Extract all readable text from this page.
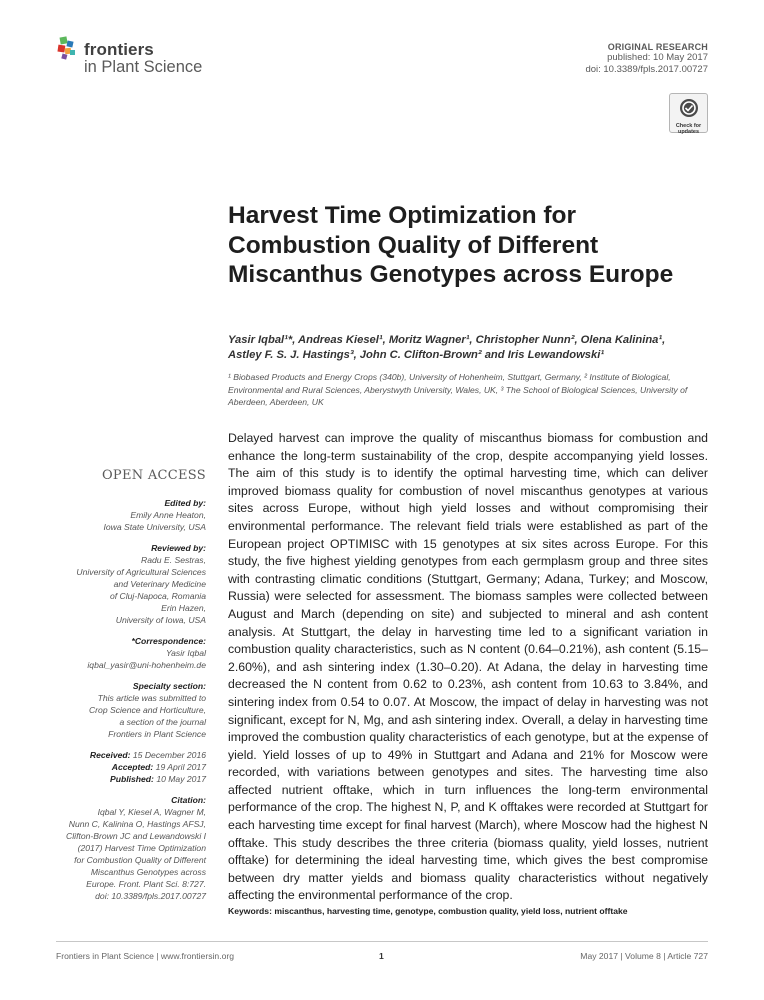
frontiers
in Plant Science
ORIGINAL RESEARCH
published: 10 May 2017
doi: 10.3389/fpls.2017.00727
Check for updates
Harvest Time Optimization for Combustion Quality of Different Miscanthus Genotypes across Europe
Yasir Iqbal¹*, Andreas Kiesel¹, Moritz Wagner¹, Christopher Nunn², Olena Kalinina¹,
Astley F. S. J. Hastings³, John C. Clifton-Brown² and Iris Lewandowski¹
¹ Biobased Products and Energy Crops (340b), University of Hohenheim, Stuttgart, Germany, ² Institute of Biological, Environmental and Rural Sciences, Aberystwyth University, Wales, UK, ³ The School of Biological Sciences, University of Aberdeen, Aberdeen, UK
Delayed harvest can improve the quality of miscanthus biomass for combustion and enhance the long-term sustainability of the crop, despite accompanying yield losses. The aim of this study is to identify the optimal harvesting time, which can deliver improved biomass quality for combustion of novel miscanthus genotypes at various sites across Europe, without high yield losses and without compromising their environmental performance. The relevant field trials were established as part of the European project OPTIMISC with 15 genotypes at six sites across Europe. For this study, the five highest yielding genotypes from each germplasm group and three sites with contrasting climatic conditions (Stuttgart, Germany; Adana, Turkey; and Moscow, Russia) were selected for assessment. The biomass samples were collected between August and March (depending on site) and subjected to mineral and ash content analysis. At Stuttgart, the delay in harvesting time led to a significant variation in combustion quality characteristics, such as N content (0.64–0.21%), ash content (5.15–2.60%), and ash sintering index (1.30–0.20). At Adana, the delay in harvesting time decreased the N content from 0.62 to 0.23%, ash content from 10.63 to 3.84%, and sintering index from 0.54 to 0.07. At Moscow, the impact of delay in harvesting was not significant, except for N, Mg, and ash sintering index. Overall, a delay in harvesting time improved the combustion quality characteristics of each genotype, but at the expense of yield. Yield losses of up to 49% in Stuttgart and Adana and 21% for Moscow were recorded, with variations between genotypes and sites. The harvesting time also affected nutrient offtake, which in turn influences the long-term environmental performance of the crop. The highest N, P, and K offtakes were recorded at Stuttgart for each harvesting time except for final harvest (March), where Moscow had the highest N offtake. This study describes the three criteria (biomass quality, yield losses, nutrient offtake) for determining the ideal harvesting time, which gives the best compromise between dry matter yields and biomass quality characteristics without negatively affecting the environmental performance of the crop.
Keywords: miscanthus, harvesting time, genotype, combustion quality, yield loss, nutrient offtake
OPEN ACCESS
Edited by:
Emily Anne Heaton,
Iowa State University, USA
Reviewed by:
Radu E. Sestras,
University of Agricultural Sciences
and Veterinary Medicine
of Cluj-Napoca, Romania
Erin Hazen,
University of Iowa, USA
*Correspondence:
Yasir Iqbal
iqbal_yasir@uni-hohenheim.de
Specialty section:
This article was submitted to
Crop Science and Horticulture,
a section of the journal
Frontiers in Plant Science
Received: 15 December 2016
Accepted: 19 April 2017
Published: 10 May 2017
Citation:
Iqbal Y, Kiesel A, Wagner M,
Nunn C, Kalinina O, Hastings AFSJ,
Clifton-Brown JC and Lewandowski I
(2017) Harvest Time Optimization
for Combustion Quality of Different
Miscanthus Genotypes across
Europe. Front. Plant Sci. 8:727.
doi: 10.3389/fpls.2017.00727
Frontiers in Plant Science | www.frontiersin.org	1	May 2017 | Volume 8 | Article 727
